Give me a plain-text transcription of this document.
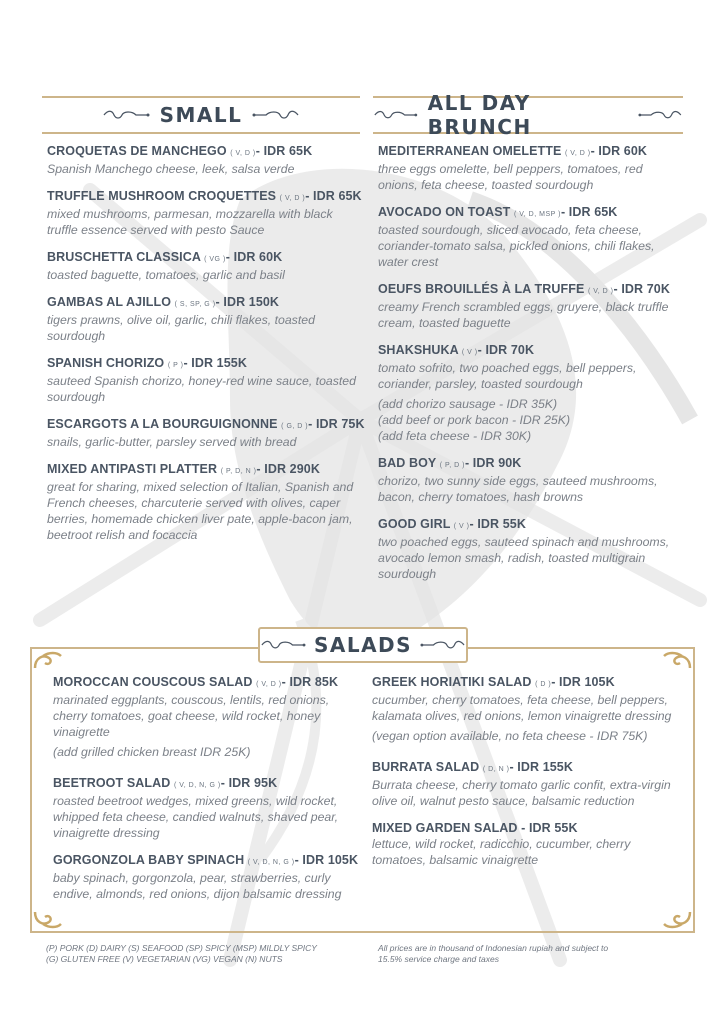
SMALL
CROQUETAS DE MANCHEGO ( V, D )- IDR 65K
Spanish Manchego cheese, leek, salsa verde
TRUFFLE MUSHROOM CROQUETTES ( V, D )- IDR 65K
mixed mushrooms, parmesan, mozzarella with black truffle essence served with pesto Sauce
BRUSCHETTA CLASSICA ( VG )- IDR 60K
toasted baguette, tomatoes, garlic and basil
GAMBAS AL AJILLO ( S, SP, G )- IDR 150K
tigers prawns, olive oil, garlic, chili flakes, toasted sourdough
SPANISH CHORIZO ( P )- IDR 155K
sauteed Spanish chorizo, honey-red wine sauce, toasted sourdough
ESCARGOTS A LA BOURGUIGNONNE ( G, D )- IDR 75K
snails, garlic-butter, parsley served with bread
MIXED ANTIPASTI PLATTER ( P, D, N )- IDR 290K
great for sharing, mixed selection of Italian, Spanish and French cheeses, charcuterie served with olives, caper berries, homemade chicken liver pate, apple-bacon jam, beetroot relish and focaccia
ALL DAY BRUNCH
MEDITERRANEAN OMELETTE ( V, D )- IDR 60K
three eggs omelette, bell peppers, tomatoes, red onions, feta cheese, toasted sourdough
AVOCADO ON TOAST ( V, D, MSP )- IDR 65K
toasted sourdough, sliced avocado, feta cheese, coriander-tomato salsa, pickled onions, chili flakes, water crest
OEUFS BROUILLÉS À LA TRUFFE ( V, D )- IDR 70K
creamy French scrambled eggs, gruyere, black truffle cream, toasted baguette
SHAKSHUKA ( V )- IDR 70K
tomato sofrito, two poached eggs, bell peppers, coriander, parsley, toasted sourdough
(add chorizo sausage - IDR 35K)
(add beef or pork bacon - IDR 25K)
(add feta cheese - IDR 30K)
BAD BOY ( P, D )- IDR 90K
chorizo, two sunny side eggs, sauteed mushrooms, bacon, cherry tomatoes, hash browns
GOOD GIRL ( V )- IDR 55K
two poached eggs, sauteed spinach and mushrooms, avocado lemon smash, radish, toasted multigrain sourdough
SALADS
MOROCCAN COUSCOUS SALAD ( V, D )- IDR 85K
marinated eggplants, couscous, lentils, red onions, cherry tomatoes, goat cheese, wild rocket, honey vinaigrette
(add grilled chicken breast IDR 25K)
BEETROOT SALAD ( V, D, N, G )- IDR 95K
roasted beetroot wedges, mixed greens, wild rocket, whipped feta cheese, candied walnuts, shaved pear, vinaigrette dressing
GORGONZOLA BABY SPINACH ( V, D, N, G )- IDR 105K
baby spinach, gorgonzola, pear, strawberries, curly endive, almonds, red onions, dijon balsamic dressing
GREEK HORIATIKI SALAD ( D )- IDR 105K
cucumber, cherry tomatoes, feta cheese, bell peppers, kalamata olives, red onions, lemon vinaigrette dressing
(vegan option available, no feta cheese - IDR 75K)
BURRATA SALAD ( D, N )- IDR 155K
Burrata cheese, cherry tomato garlic confit, extra-virgin olive oil, walnut pesto sauce, balsamic reduction
MIXED GARDEN SALAD - IDR 55K
lettuce, wild rocket, radicchio, cucumber, cherry tomatoes, balsamic vinaigrette
(P) PORK (D) DAIRY (S) SEAFOOD (SP) SPICY (MSP) MILDLY SPICY
(G) GLUTEN FREE (V) VEGETARIAN (VG) VEGAN (N) NUTS
All prices are in thousand of Indonesian rupiah and subject to
15.5% service charge and taxes
